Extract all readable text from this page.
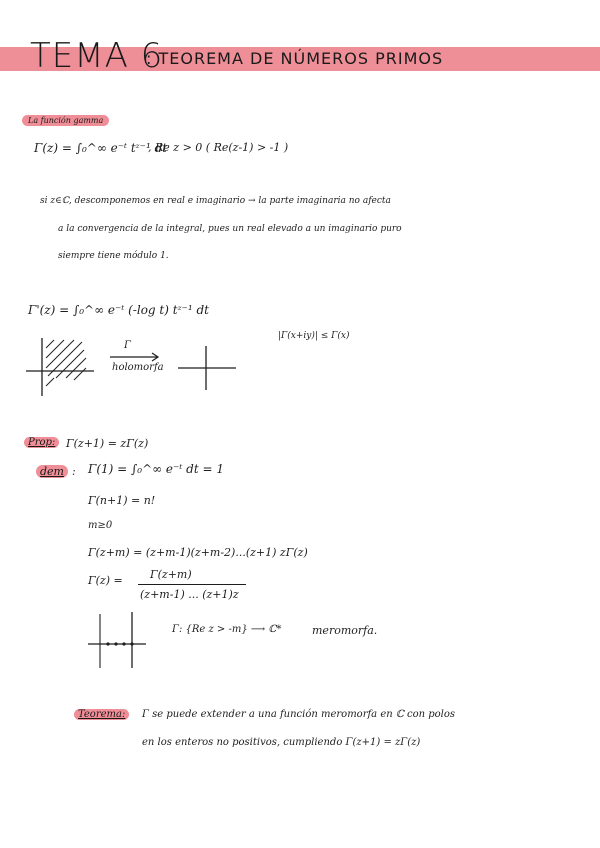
TEMA 6
: TEOREMA DE NÚMEROS PRIMOS
La función gamma
Γ(z) = ∫₀^∞ e⁻ᵗ tᶻ⁻¹ dt
, Re z > 0 ( Re(z-1) > -1 )
si z∈ℂ, descomponemos en real e imaginario → la parte imaginaria no afecta
a la convergencia de la integral, pues un real elevado a un imaginario puro
siempre tiene módulo 1.
Γ'(z) = ∫₀^∞ e⁻ᵗ (-log t) tᶻ⁻¹ dt
|Γ(x+iy)| ≤ Γ(x)
Γ
holomorfa
Prop: Γ(z+1) = zΓ(z)
dem : Γ(1) = ∫₀^∞ e⁻ᵗ dt = 1
Γ(n+1) = n!
m≥0
Γ(z+m) = (z+m-1)(z+m-2)...(z+1) zΓ(z)
Γ(z) = Γ(z+m)
(z+m-1) ... (z+1)z
Γ: {Re z > -m} ⟶ ℂ*	meromorfa.
Teorema:	Γ se puede extender a una función meromorfa en ℂ con polos
en los enteros no positivos, cumpliendo Γ(z+1) = zΓ(z)
